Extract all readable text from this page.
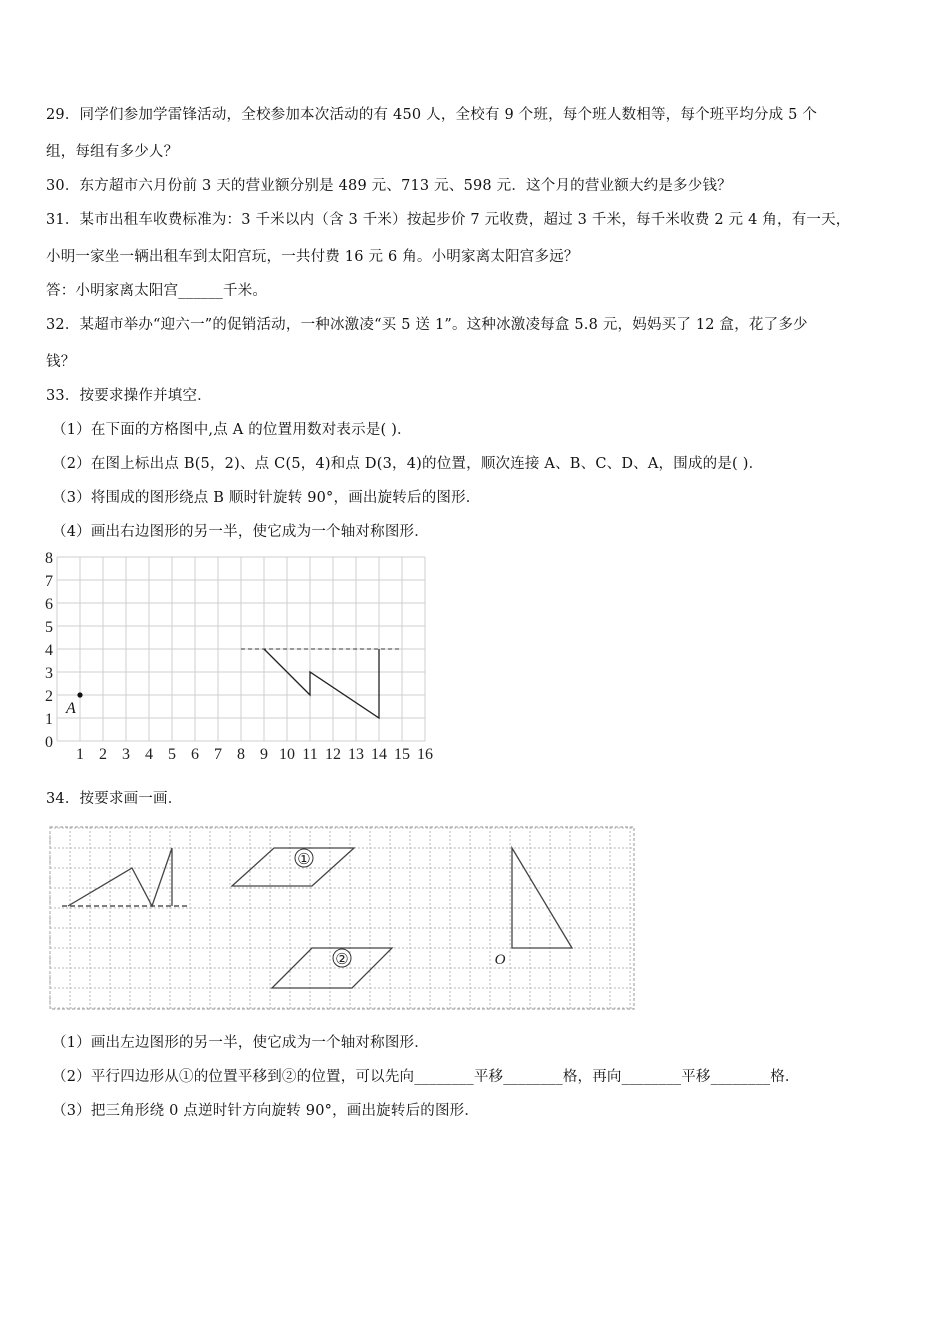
29．同学们参加学雷锋活动，全校参加本次活动的有 450 人，全校有 9 个班，每个班人数相等，每个班平均分成 5 个
组，每组有多少人？
30．东方超市六月份前 3 天的营业额分别是 489 元、713 元、598 元．这个月的营业额大约是多少钱？
31．某市出租车收费标准为：3 千米以内（含 3 千米）按起步价 7 元收费，超过 3 千米，每千米收费 2 元 4 角，有一天，
小明一家坐一辆出租车到太阳宫玩，一共付费 16 元 6 角。小明家离太阳宫多远？
答：小明家离太阳宫______千米。
32．某超市举办“迎六一”的促销活动，一种冰激凌“买 5 送 1”。这种冰激凌每盒 5.8 元，妈妈买了 12 盒，花了多少
钱？
33．按要求操作并填空．
（1）在下面的方格图中,点 A 的位置用数对表示是( )．
（2）在图上标出点 B(5，2)、点 C(5，4)和点 D(3，4)的位置，顺次连接 A、B、C、D、A，围成的是( )．
（3）将围成的图形绕点 B 顺时针旋转 90°，画出旋转后的图形．
（4）画出右边图形的另一半，使它成为一个轴对称图形．
1 2 3 4 5 6 7 8 9 10 11 12 13 14 15 16
0
1
2
3
4
5
6
7
8
A
34．按要求画一画．
①
②	O
（1）画出左边图形的另一半，使它成为一个轴对称图形．
（2）平行四边形从①的位置平移到②的位置，可以先向________平移________格，再向________平移________格．
（3）把三角形绕 0 点逆时针方向旋转 90°，画出旋转后的图形．
